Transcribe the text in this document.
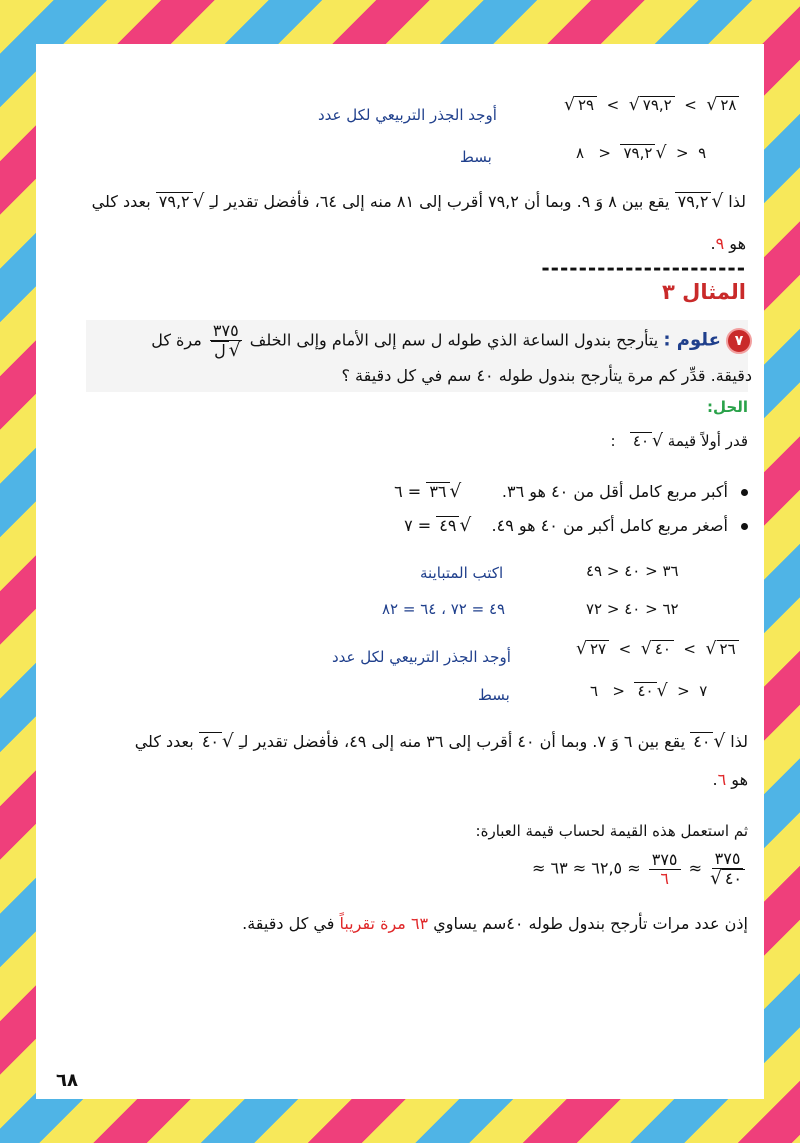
√ ٢٩  <  √ ٧٩,٢  <  √ ٢٨
أوجد الجذر التربيعي لكل عدد
٩  <  √٧٩,٢  <   ٨
بسط
لذا √٧٩,٢ يقع بين ٨ وَ ٩. وبما أن ٧٩,٢ أقرب إلى ٨١ منه إلى ٦٤، فأفضل تقدير لـِ √٧٩,٢ بعدد كلي
هو ٩.
----------------------
المثال ٣
٧ علوم : يتأرجح بندول الساعة الذي طوله ل سم إلى الأمام وإلى الخلف
$\frac{٣٧٥}{\text{√ل}}$
مرة كل
دقيقة. قدِّر كم مرة يتأرجح بندول طوله ٤٠ سم في كل دقيقة ؟
الحل:
قدر أولاً قيمة √٤٠   :
أكبر مربع كامل أقل من ٤٠ هو ٣٦.        √٣٦ = ٦
أصغر مربع كامل أكبر من ٤٠ هو ٤٩.    √٤٩ = ٧
٣٦ < ٤٠ < ٤٩
اكتب المتباينة
٦٢ < ٤٠ < ٧٢
٤٩ = ٧٢ ، ٦٤ = ٨٢
√ ٢٧  <  √ ٤٠  <  √ ٢٦
أوجد الجذر التربيعي لكل عدد
٧  <  √٤٠  <   ٦
بسط
لذا √٤٠ يقع بين ٦ وَ ٧. وبما أن ٤٠ أقرب إلى ٣٦ منه إلى ٤٩، فأفضل تقدير لـِ √٤٠ بعدد كلي
هو ٦.
ثم استعمل هذه القيمة لحساب قيمة العبارة:
≈ ٦٢,٥ ≈ ٦٣ ≈ $\frac{٣٧٥}{٦} \approx \frac{٣٧٥}{√ ٤٠}$
إذن عدد مرات تأرجح بندول طوله ٤٠سم يساوي ٦٣ مرة تقريباً في كل دقيقة.
٦٨
